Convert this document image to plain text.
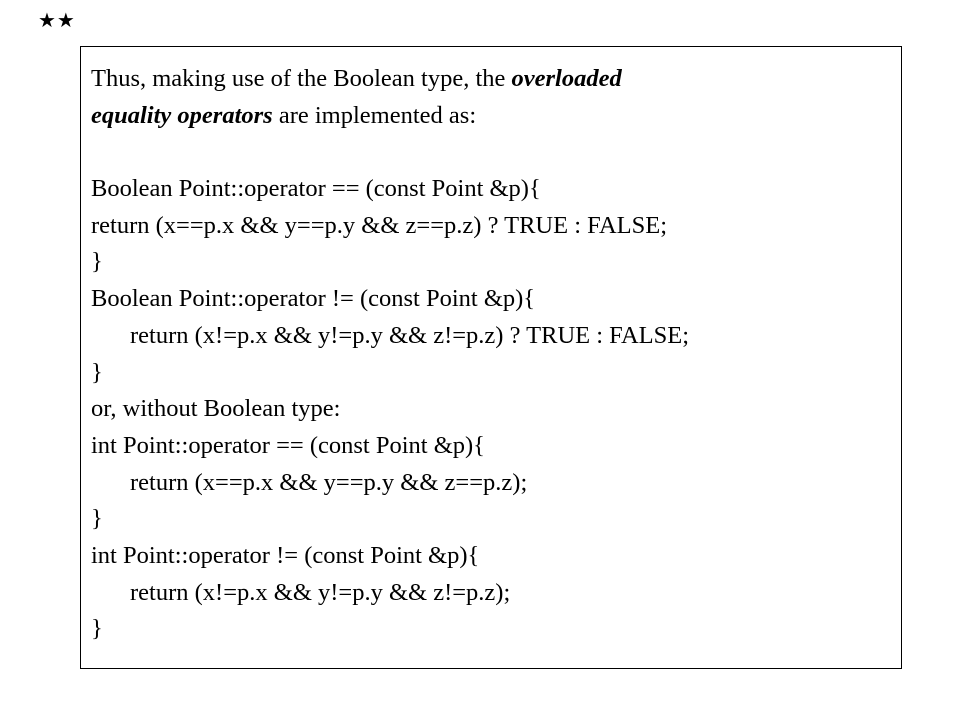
★★
Thus, making use of the Boolean type, the overloaded
equality operators are implemented as:
Boolean Point::operator == (const Point &p){
return (x==p.x && y==p.y && z==p.z) ? TRUE : FALSE;
}
Boolean Point::operator != (const Point &p){
return (x!=p.x && y!=p.y && z!=p.z) ? TRUE : FALSE;
}
or, without Boolean type:
int Point::operator == (const Point &p){
return (x==p.x && y==p.y && z==p.z);
}
int Point::operator != (const Point &p){
return (x!=p.x && y!=p.y && z!=p.z);
}
